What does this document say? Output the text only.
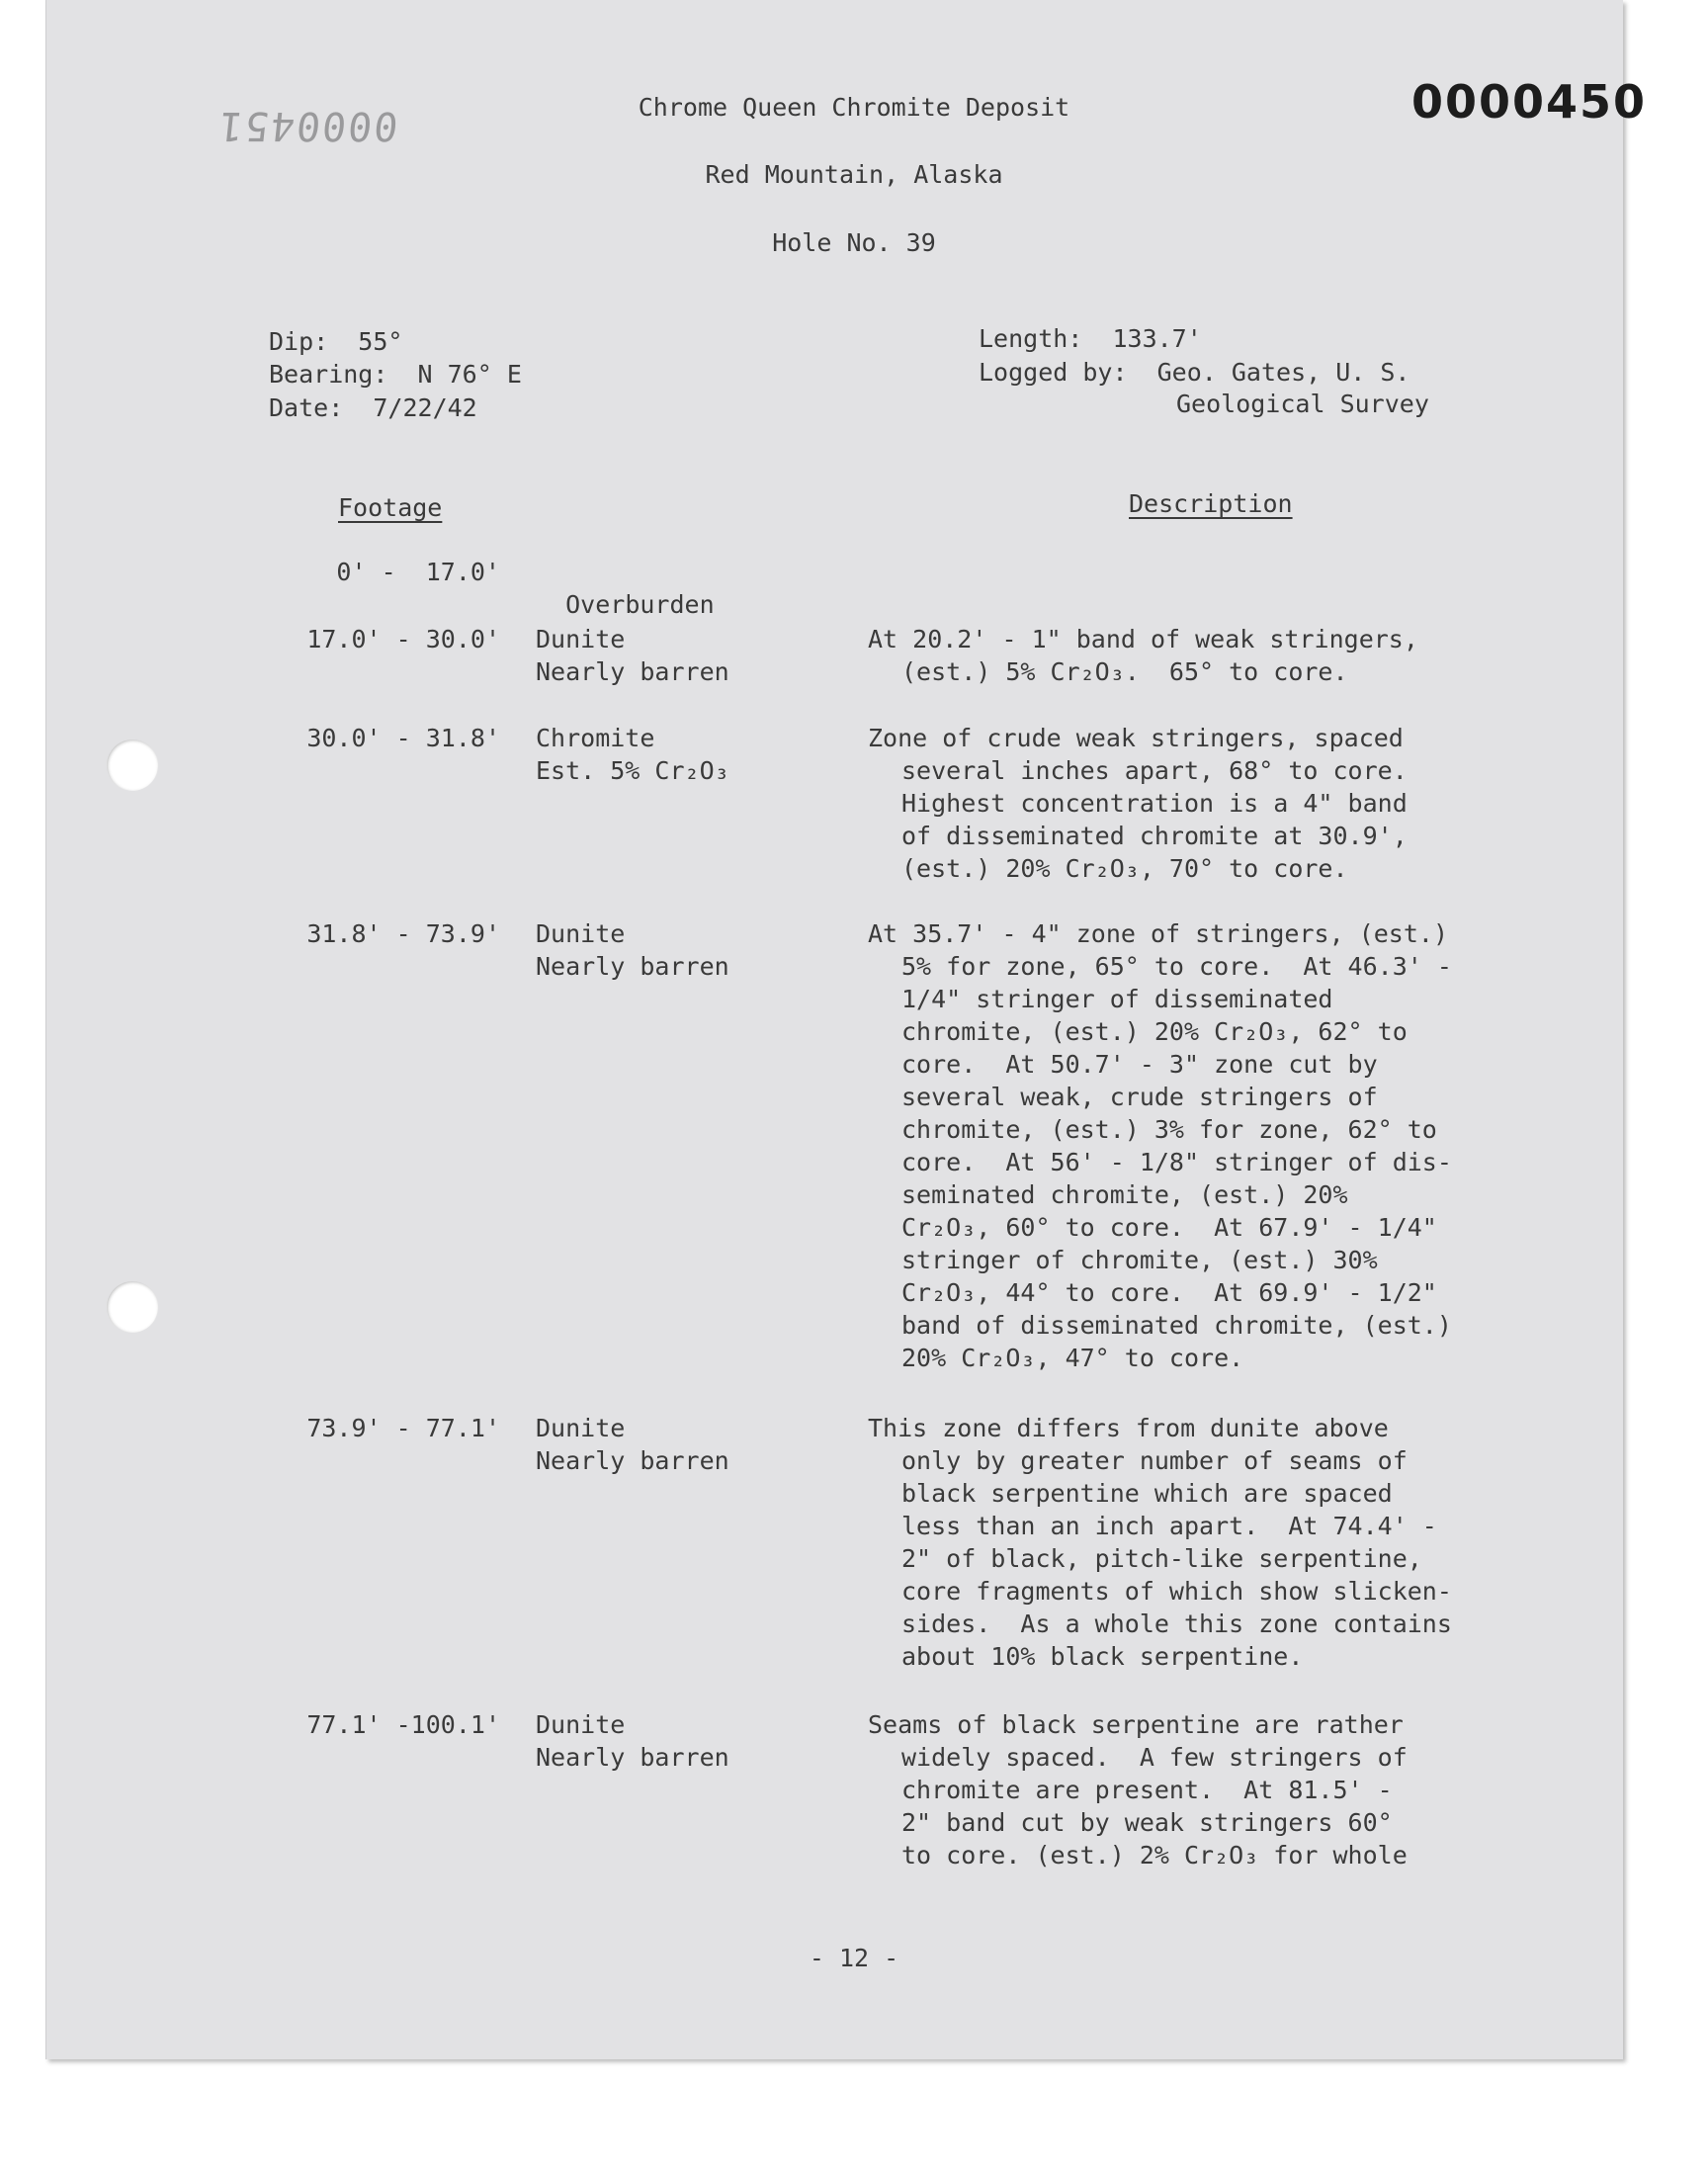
0000451	0000450
Chrome Queen Chromite Deposit
Red Mountain, Alaska
Hole No. 39
Dip:  55°
Bearing:  N 76° E
Date:  7/22/42
Length:  133.7'
Logged by:  Geo. Gates, U. S.
Geological Survey
Footage	Description
0' -  17.0'

Overburden

17.0' - 30.0' Dunite
Nearly barren
At 20.2' - 1" band of weak stringers,
(est.) 5% Cr₂O₃.  65° to core.
30.0' - 31.8' Chromite
Est. 5% Cr₂O₃
Zone of crude weak stringers, spaced
several inches apart, 68° to core.
Highest concentration is a 4" band
of disseminated chromite at 30.9',
(est.) 20% Cr₂O₃, 70° to core.
31.8' - 73.9' Dunite
Nearly barren
At 35.7' - 4" zone of stringers, (est.)
5% for zone, 65° to core.  At 46.3' -
1/4" stringer of disseminated
chromite, (est.) 20% Cr₂O₃, 62° to
core.  At 50.7' - 3" zone cut by
several weak, crude stringers of
chromite, (est.) 3% for zone, 62° to
core.  At 56' - 1/8" stringer of dis-
seminated chromite, (est.) 20%
Cr₂O₃, 60° to core.  At 67.9' - 1/4"
stringer of chromite, (est.) 30%
Cr₂O₃, 44° to core.  At 69.9' - 1/2"
band of disseminated chromite, (est.)
20% Cr₂O₃, 47° to core.
73.9' - 77.1' Dunite
Nearly barren
This zone differs from dunite above
only by greater number of seams of
black serpentine which are spaced
less than an inch apart.  At 74.4' -
2" of black, pitch-like serpentine,
core fragments of which show slicken-
sides.  As a whole this zone contains
about 10% black serpentine.
77.1' -100.1' Dunite
Nearly barren
Seams of black serpentine are rather
widely spaced.  A few stringers of
chromite are present.  At 81.5' -
2" band cut by weak stringers 60°
to core. (est.) 2% Cr₂O₃ for whole
- 12 -
